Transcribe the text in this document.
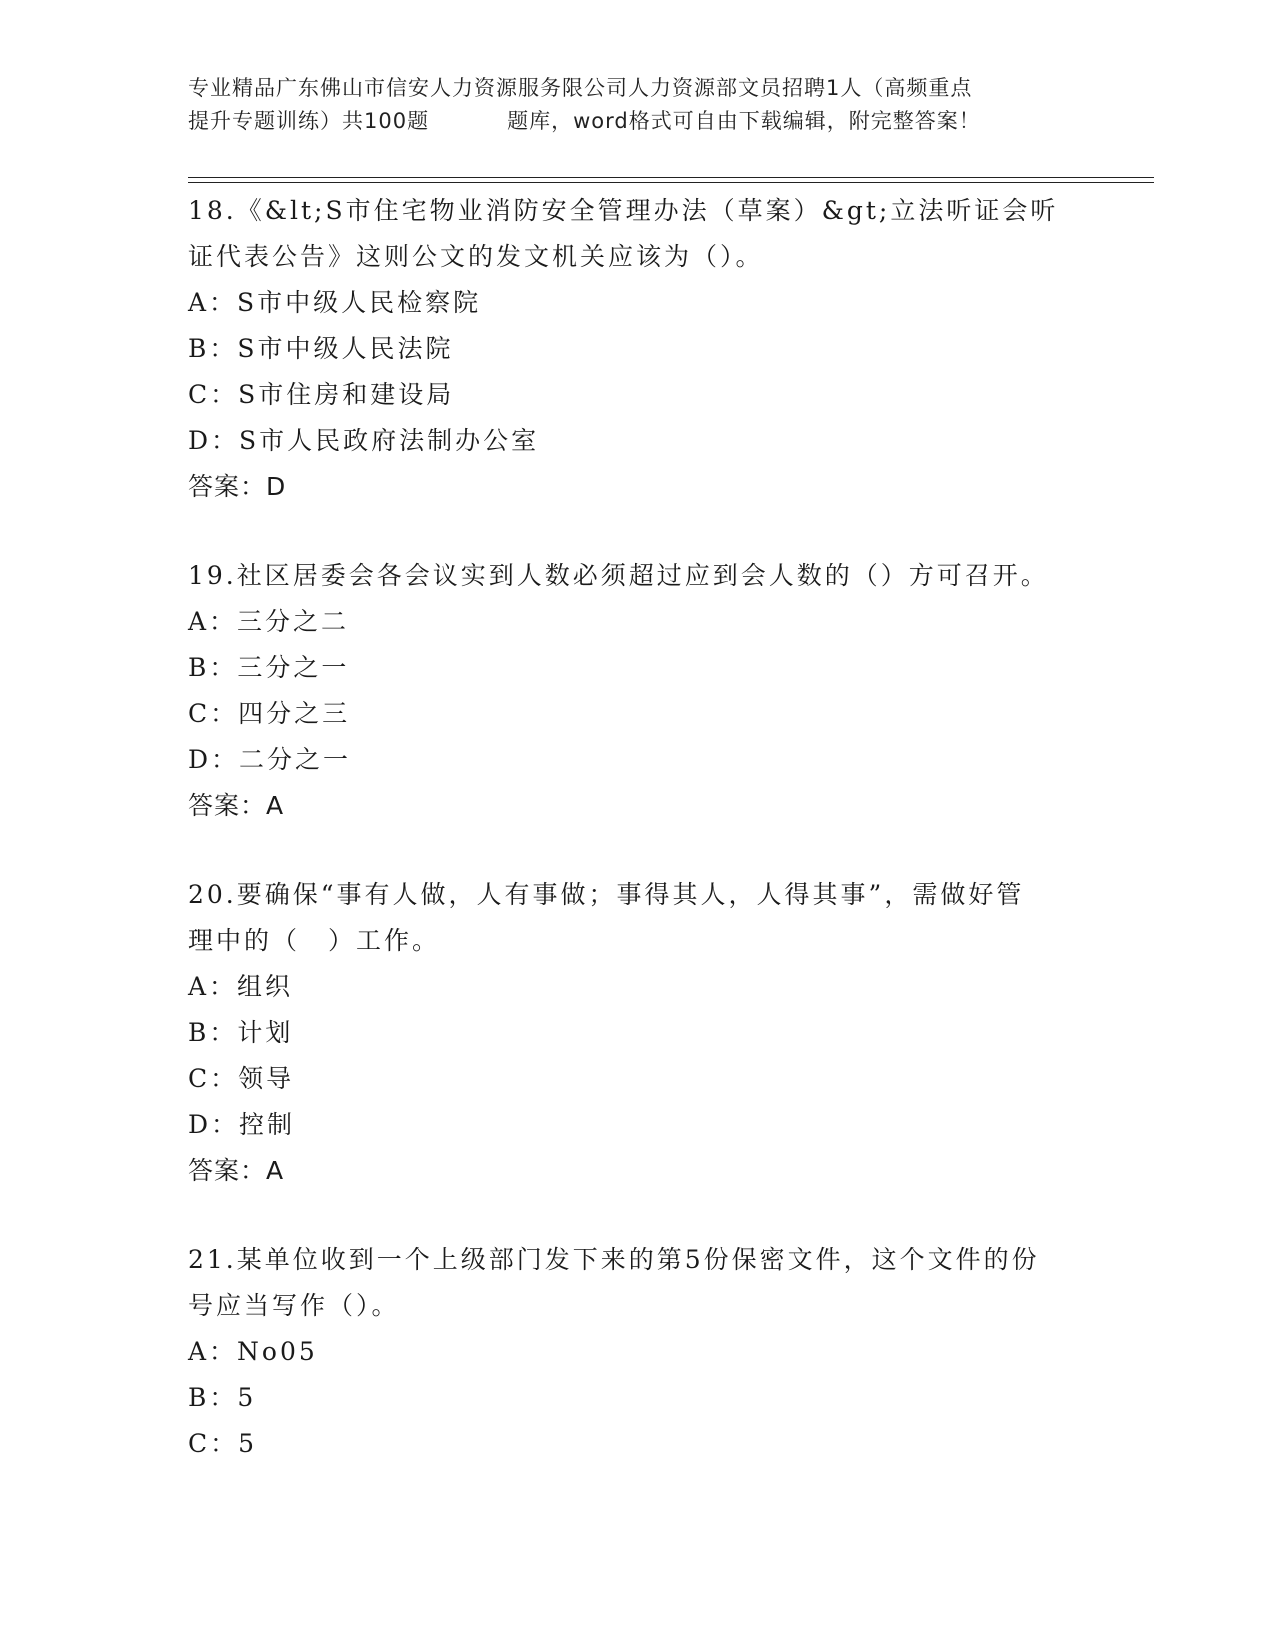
专业精品广东佛山市信安人力资源服务限公司人力资源部文员招聘1人（高频重点
提升专题训练）共100题	题库，word格式可自由下载编辑，附完整答案！
18.《&lt;S市住宅物业消防安全管理办法（草案）&gt;立法听证会听
证代表公告》这则公文的发文机关应该为（）。
A：S市中级人民检察院
B：S市中级人民法院
C：S市住房和建设局
D：S市人民政府法制办公室
答案：D
19.社区居委会各会议实到人数必须超过应到会人数的（）方可召开。
A：三分之二
B：三分之一
C：四分之三
D：二分之一
答案：A
20.要确保“事有人做，人有事做；事得其人，人得其事”，需做好管
理中的（　）工作。
A：组织
B：计划
C：领导
D：控制
答案：A
21.某单位收到一个上级部门发下来的第5份保密文件，这个文件的份
号应当写作（）。
A：No05
B：5
C：5
